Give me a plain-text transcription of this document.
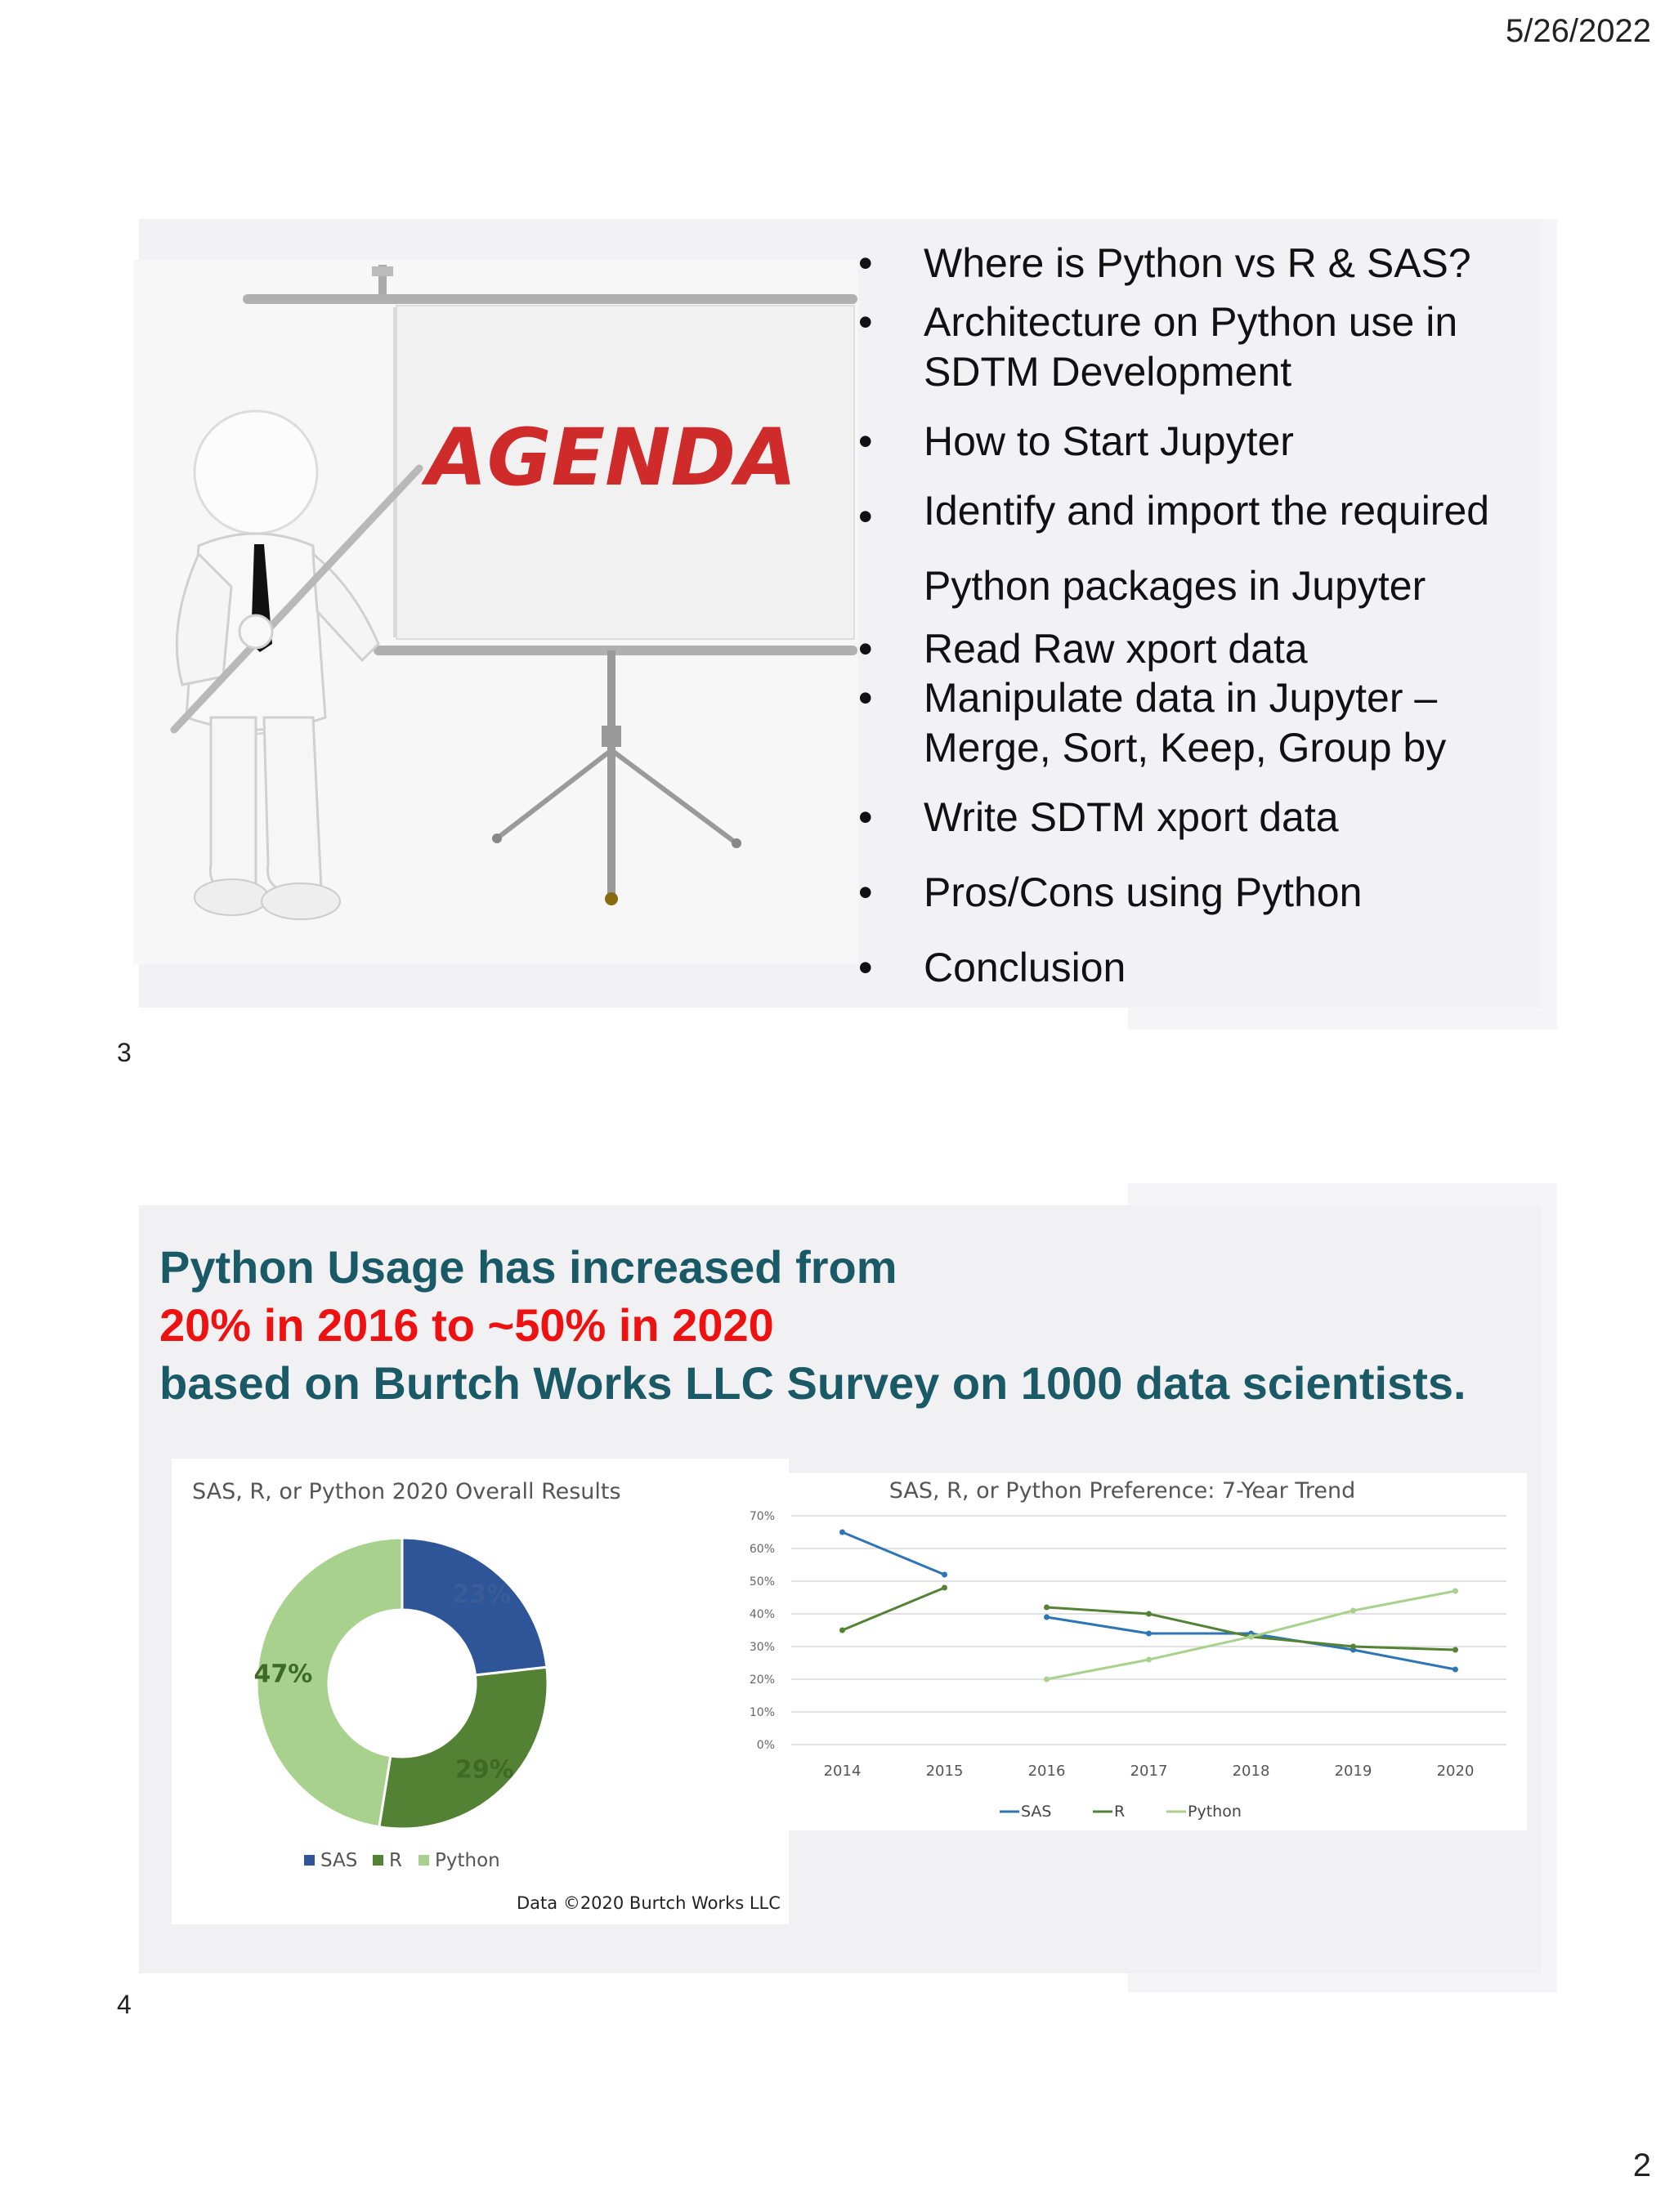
5/26/2022
2
AGENDA
• Where is Python vs R & SAS?
• Architecture on Python use in
SDTM Development
• How to Start Jupyter
• Identify and import the required

Python packages in Jupyter
• Read Raw xport data
• Manipulate data in Jupyter –
Merge, Sort, Keep, Group by
• Write SDTM xport data
• Pros/Cons using Python
• Conclusion
3
Python Usage has increased from
20% in 2016 to ~50% in 2020
based on Burtch Works LLC Survey on 1000 data scientists.
SAS, R, or Python 2020 Overall Results
23%
29%
47%
SAS R Python
Data ©2020 Burtch Works LLC
SAS, R, or Python Preference: 7-Year Trend
0%
10%
20%
30%
40%
50%
60%
70%
2014	2015	2016	2017	2018	2019	2020
SAS	R	Python
4
